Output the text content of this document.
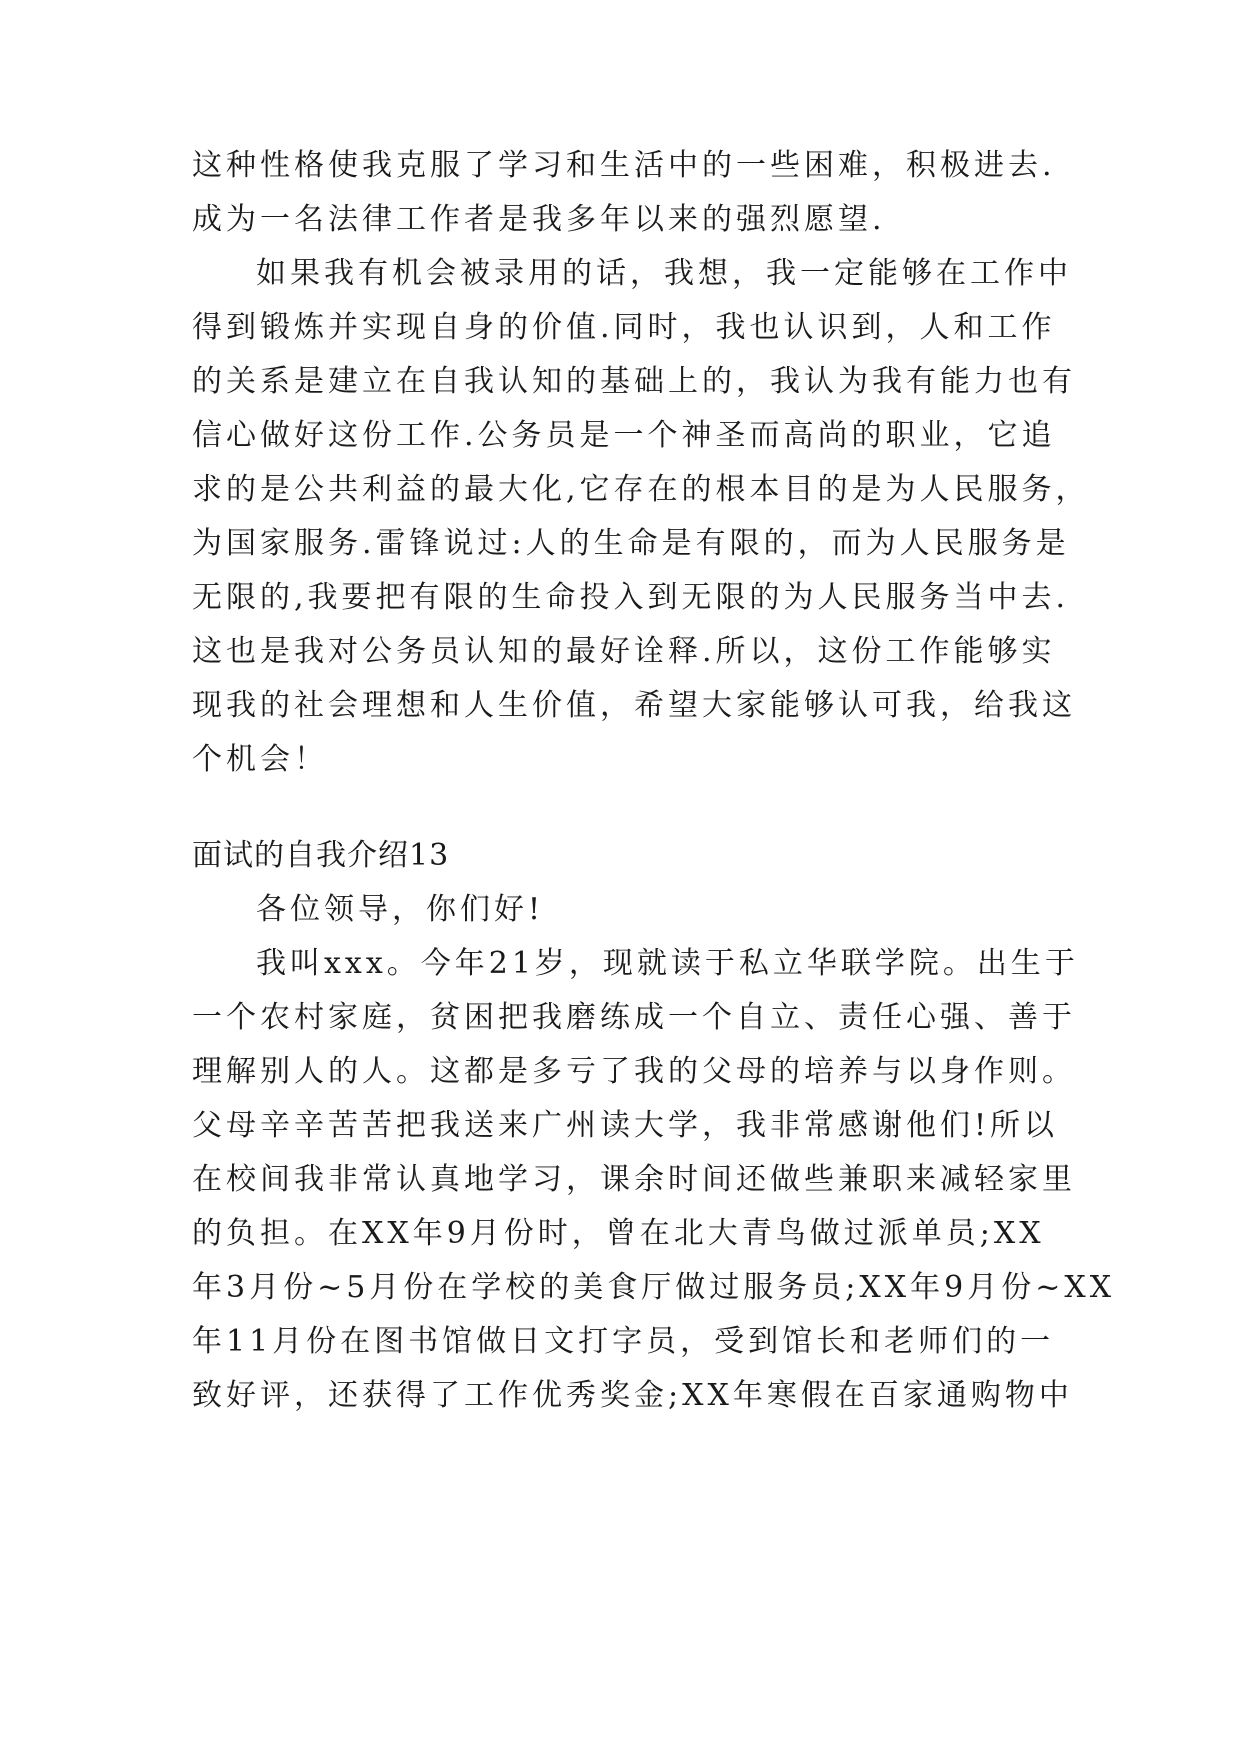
这种性格使我克服了学习和生活中的一些困难，积极进去.
成为一名法律工作者是我多年以来的强烈愿望.
如果我有机会被录用的话，我想，我一定能够在工作中
得到锻炼并实现自身的价值.同时，我也认识到，人和工作
的关系是建立在自我认知的基础上的，我认为我有能力也有
信心做好这份工作.公务员是一个神圣而高尚的职业，它追
求的是公共利益的最大化,它存在的根本目的是为人民服务，
为国家服务.雷锋说过:人的生命是有限的，而为人民服务是
无限的,我要把有限的生命投入到无限的为人民服务当中去.
这也是我对公务员认知的最好诠释.所以，这份工作能够实
现我的社会理想和人生价值，希望大家能够认可我，给我这
个机会！
面试的自我介绍13
各位领导，你们好!
我叫xxx。今年21岁，现就读于私立华联学院。出生于
一个农村家庭，贫困把我磨练成一个自立、责任心强、善于
理解别人的人。这都是多亏了我的父母的培养与以身作则。
父母辛辛苦苦把我送来广州读大学，我非常感谢他们!所以
在校间我非常认真地学习，课余时间还做些兼职来减轻家里
的负担。在XX年9月份时，曾在北大青鸟做过派单员;XX
年3月份~5月份在学校的美食厅做过服务员;XX年9月份~XX
年11月份在图书馆做日文打字员，受到馆长和老师们的一
致好评，还获得了工作优秀奖金;XX年寒假在百家通购物中
